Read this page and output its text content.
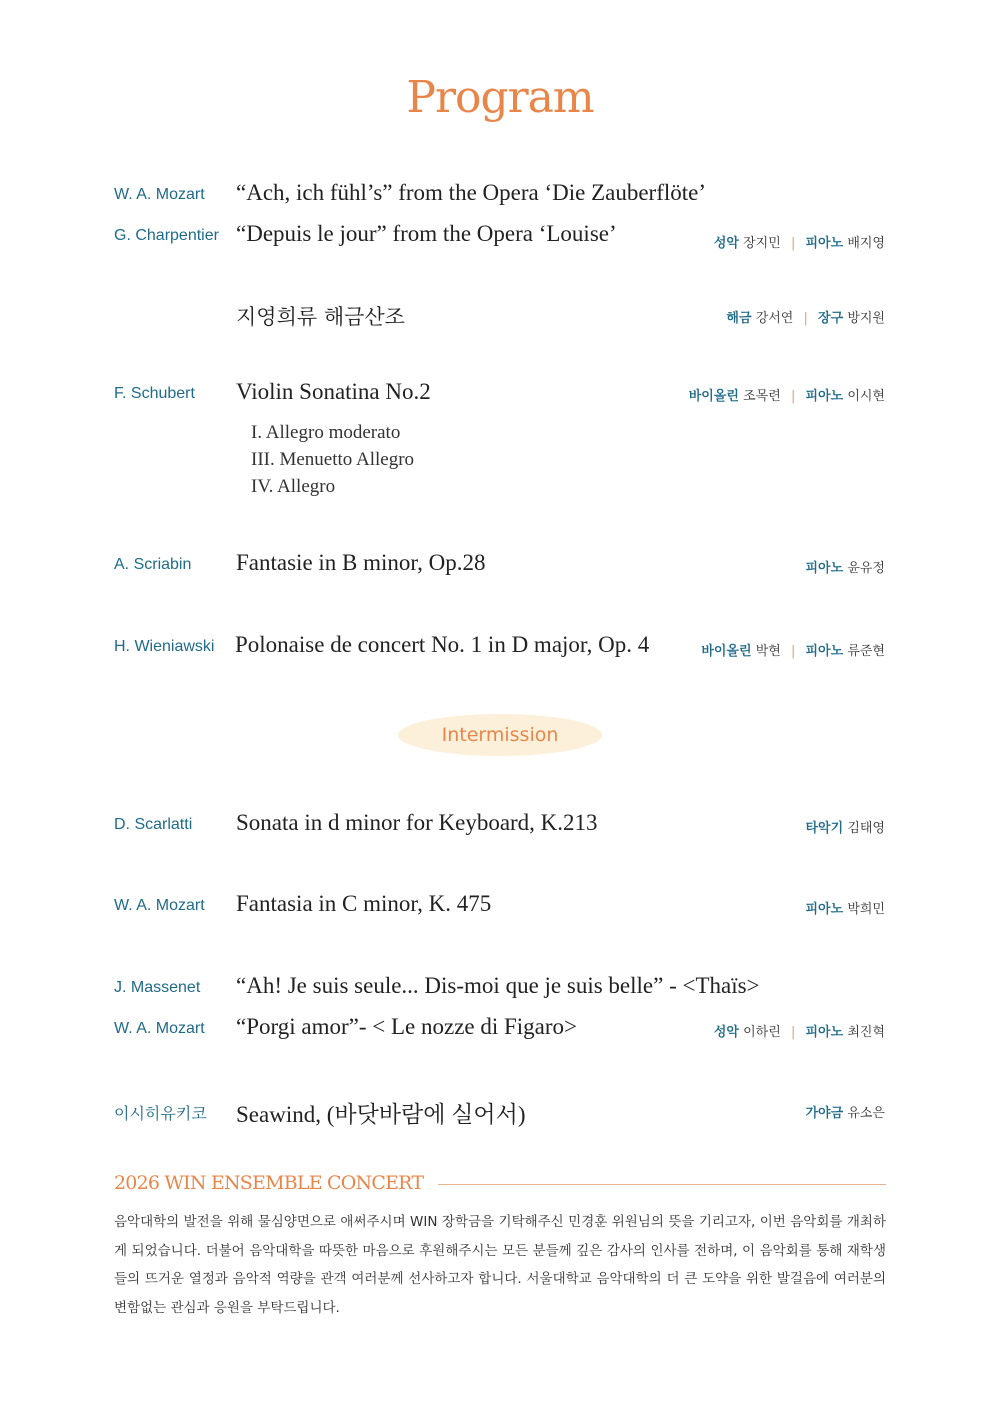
Program
W. A. Mozart “Ach, ich fühl’s” from the Opera ‘Die Zauberflöte’
G. Charpentier “Depuis le jour” from the Opera ‘Louise’	성악 장지민 | 피아노 배지영
지영희류 해금산조	해금 강서연 | 장구 방지원
F. Schubert Violin Sonatina No.2	바이올린 조목련 | 피아노 이시현
I. Allegro moderato
III. Menuetto Allegro
IV. Allegro
A. Scriabin Fantasie in B minor, Op.28	피아노 윤유정
H. Wieniawski Polonaise de concert No. 1 in D major, Op. 4	바이올린 박현 | 피아노 류준현
Intermission
D. Scarlatti Sonata in d minor for Keyboard, K.213	타악기 김태영
W. A. Mozart Fantasia in C minor, K. 475	피아노 박희민
J. Massenet “Ah! Je suis seule... Dis-moi que je suis belle” - <Thaïs>
W. A. Mozart “Porgi amor”- < Le nozze di Figaro>	성악 이하린 | 피아노 최진혁
이시히유키코 Seawind, (바닷바람에 실어서)	가야금 유소은
2026 WIN ENSEMBLE CONCERT
음악대학의 발전을 위해 물심양면으로 애써주시며 WIN 장학금을 기탁해주신 민경훈 위원님의 뜻을 기리고자, 이번 음악회를 개최하게 되었습니다. 더불어 음악대학을 따뜻한 마음으로 후원해주시는 모든 분들께 깊은 감사의 인사를 전하며, 이 음악회를 통해 재학생들의 뜨거운 열정과 음악적 역량을 관객 여러분께 선사하고자 합니다. 서울대학교 음악대학의 더 큰 도약을 위한 발걸음에 여러분의 변함없는 관심과 응원을 부탁드립니다.
